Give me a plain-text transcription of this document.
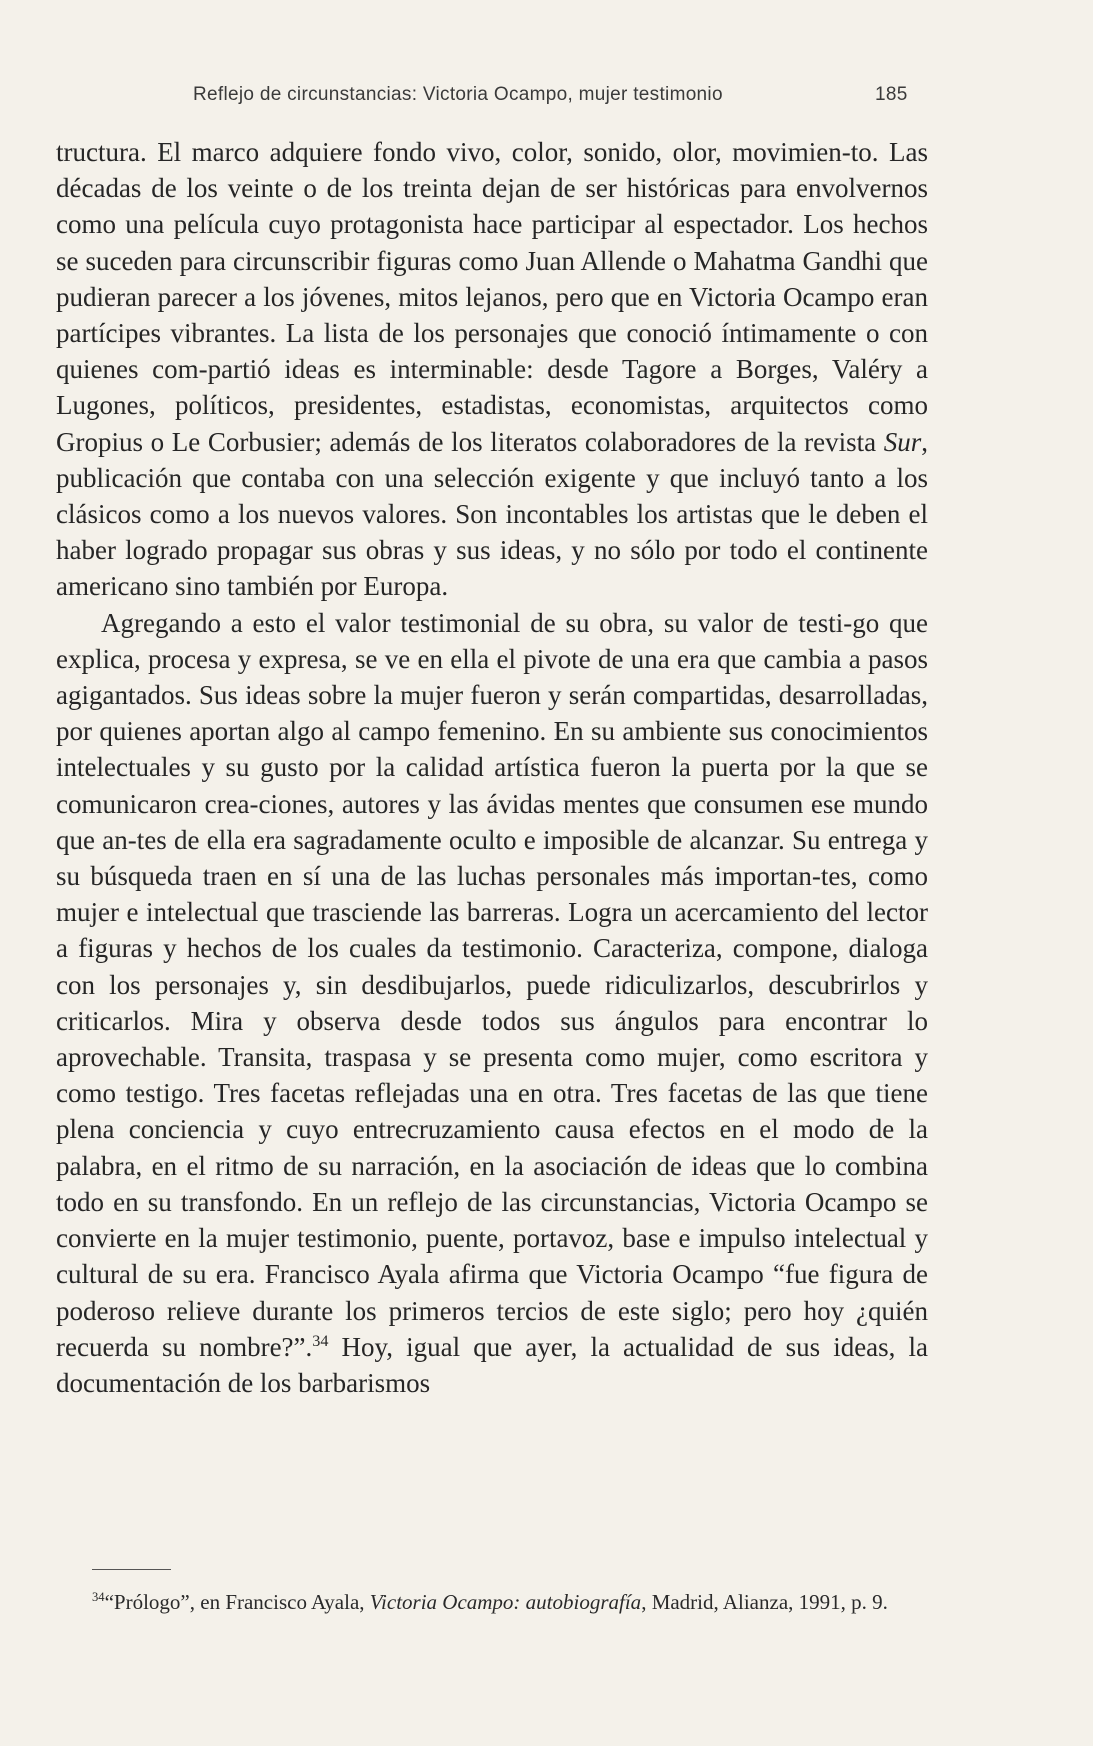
Reflejo de circunstancias: Victoria Ocampo, mujer testimonio	185

tructura. El marco adquiere fondo vivo, color, sonido, olor, movimien-to. Las décadas de los veinte o de los treinta dejan de ser históricas para envolvernos como una película cuyo protagonista hace participar al espectador. Los hechos se suceden para circunscribir figuras como Juan Allende o Mahatma Gandhi que pudieran parecer a los jóvenes, mitos lejanos, pero que en Victoria Ocampo eran partícipes vibrantes. La lista de los personajes que conoció íntimamente o con quienes com-partió ideas es interminable: desde Tagore a Borges, Valéry a Lugones, políticos, presidentes, estadistas, economistas, arquitectos como Gropius o Le Corbusier; además de los literatos colaboradores de la revista Sur, publicación que contaba con una selección exigente y que incluyó tanto a los clásicos como a los nuevos valores. Son incontables los artistas que le deben el haber logrado propagar sus obras y sus ideas, y no sólo por todo el continente americano sino también por Europa.

Agregando a esto el valor testimonial de su obra, su valor de testi-go que explica, procesa y expresa, se ve en ella el pivote de una era que cambia a pasos agigantados. Sus ideas sobre la mujer fueron y serán compartidas, desarrolladas, por quienes aportan algo al campo femenino. En su ambiente sus conocimientos intelectuales y su gusto por la calidad artística fueron la puerta por la que se comunicaron crea-ciones, autores y las ávidas mentes que consumen ese mundo que an-tes de ella era sagradamente oculto e imposible de alcanzar. Su entrega y su búsqueda traen en sí una de las luchas personales más importan-tes, como mujer e intelectual que trasciende las barreras. Logra un acercamiento del lector a figuras y hechos de los cuales da testimonio. Caracteriza, compone, dialoga con los personajes y, sin desdibujarlos, puede ridiculizarlos, descubrirlos y criticarlos. Mira y observa desde todos sus ángulos para encontrar lo aprovechable. Transita, traspasa y se presenta como mujer, como escritora y como testigo. Tres facetas reflejadas una en otra. Tres facetas de las que tiene plena conciencia y cuyo entrecruzamiento causa efectos en el modo de la palabra, en el ritmo de su narración, en la asociación de ideas que lo combina todo en su transfondo. En un reflejo de las circunstancias, Victoria Ocampo se convierte en la mujer testimonio, puente, portavoz, base e impulso intelectual y cultural de su era. Francisco Ayala afirma que Victoria Ocampo “fue figura de poderoso relieve durante los primeros tercios de este siglo; pero hoy ¿quién recuerda su nombre?”.$^{34}$ Hoy, igual que ayer, la actualidad de sus ideas, la documentación de los barbarismos

$^{34}$“Prólogo”, en Francisco Ayala, Victoria Ocampo: autobiografía, Madrid, Alianza, 1991, p. 9.
